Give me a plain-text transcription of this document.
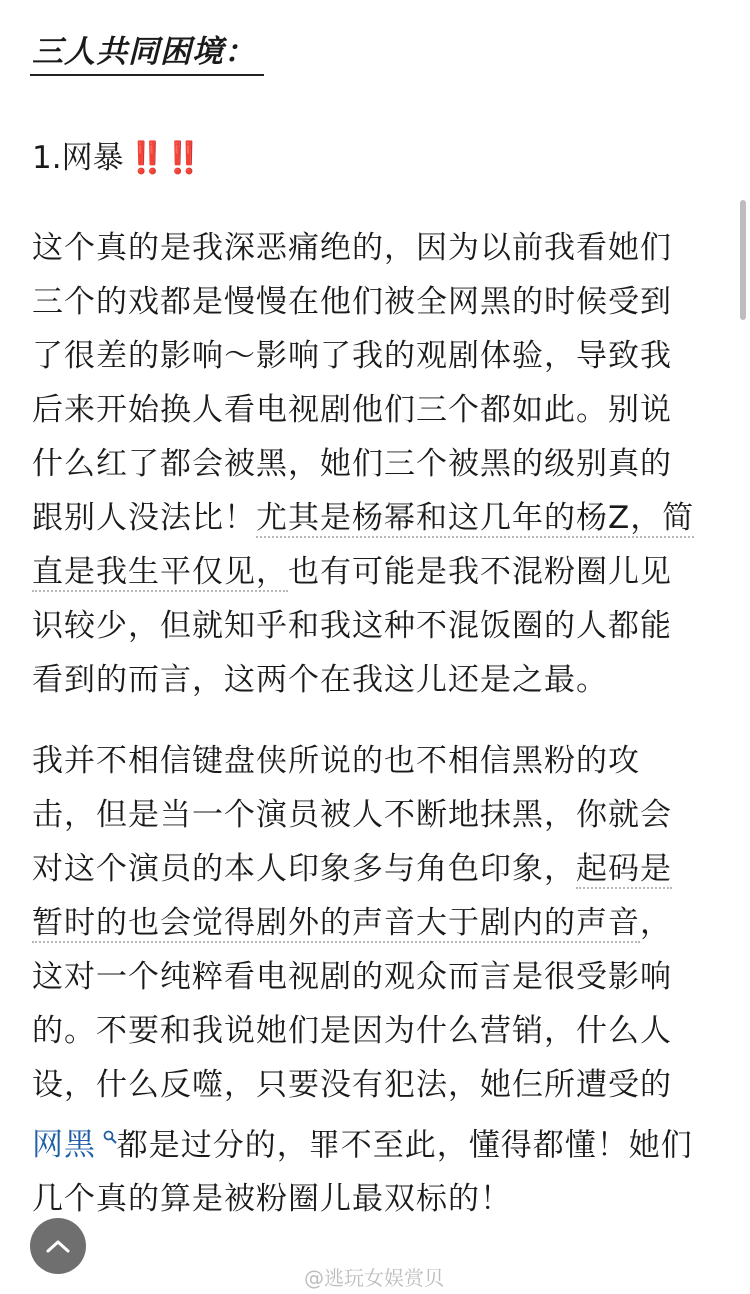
三人共同困境：
1.网暴 ‼️‼️
这个真的是我深恶痛绝的，因为以前我看她们
三个的戏都是慢慢在他们被全网黑的时候受到
了很差的影响～影响了我的观剧体验，导致我
后来开始换人看电视剧他们三个都如此。别说
什么红了都会被黑，她们三个被黑的级别真的
跟别人没法比！尤其是杨幂和这几年的杨Z，简
直是我生平仅见，也有可能是我不混粉圈儿见
识较少，但就知乎和我这种不混饭圈的人都能
看到的而言，这两个在我这儿还是之最。
我并不相信键盘侠所说的也不相信黑粉的攻
击，但是当一个演员被人不断地抹黑，你就会
对这个演员的本人印象多与角色印象，起码是
暂时的也会觉得剧外的声音大于剧内的声音，
这对一个纯粹看电视剧的观众而言是很受影响
的。不要和我说她们是因为什么营销，什么人
设，什么反噬，只要没有犯法，她仨所遭受的
网黑 都是过分的，罪不至此，懂得都懂！她们
几个真的算是被粉圈儿最双标的！
@逃玩女娱赏贝
